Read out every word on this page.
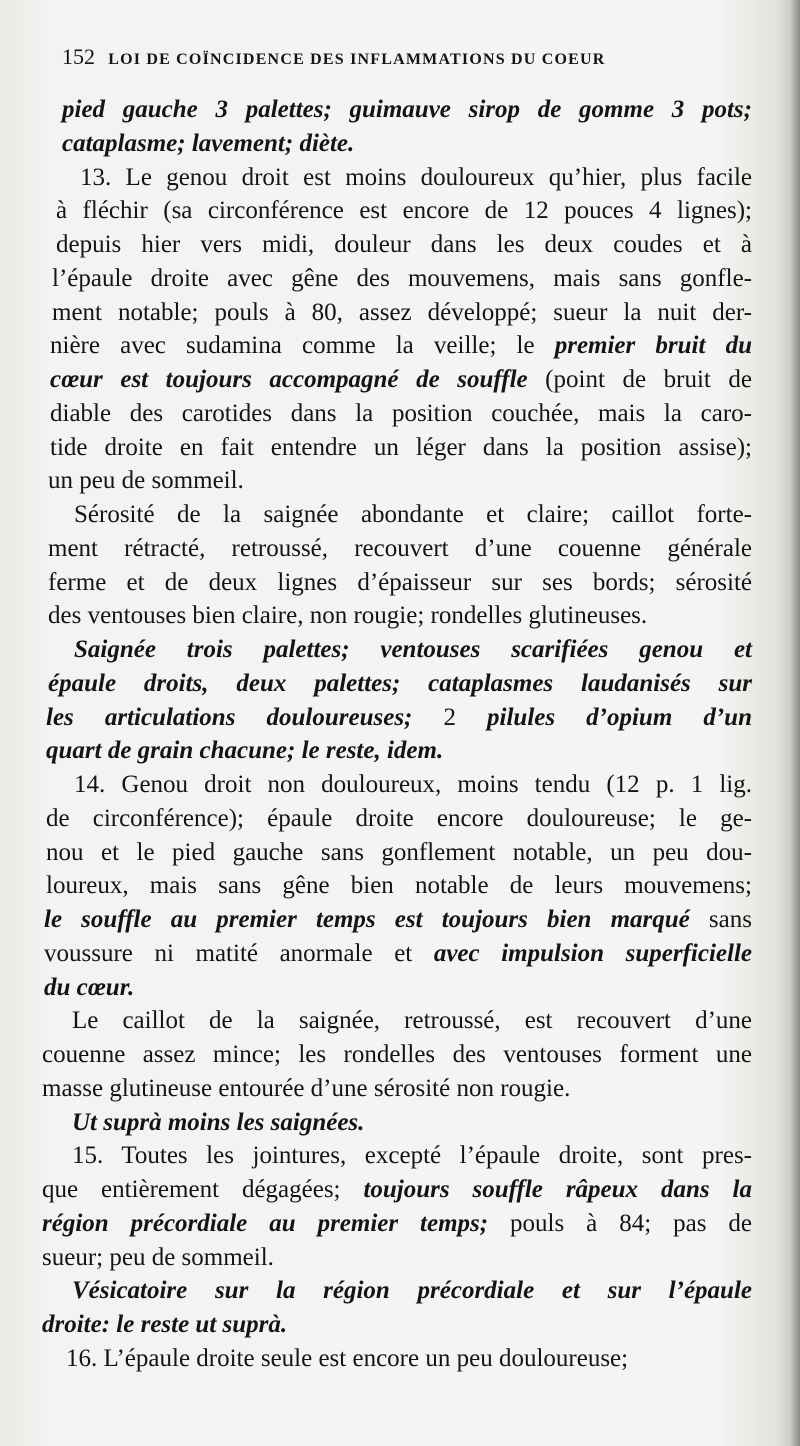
152 LOI DE COÏNCIDENCE DES INFLAMMATIONS DU COEUR
pied gauche 3 palettes; guimauve sirop de gomme 3 pots;
cataplasme; lavement; diète.
13. Le genou droit est moins douloureux qu’hier, plus facile
à fléchir (sa circonférence est encore de 12 pouces 4 lignes);
depuis hier vers midi, douleur dans les deux coudes et à
l’épaule droite avec gêne des mouvemens, mais sans gonfle-
ment notable; pouls à 80, assez développé; sueur la nuit der-
nière avec sudamina comme la veille; le premier bruit du
cœur est toujours accompagné de souffle (point de bruit de
diable des carotides dans la position couchée, mais la caro-
tide droite en fait entendre un léger dans la position assise);
un peu de sommeil.
Sérosité de la saignée abondante et claire; caillot forte-
ment rétracté, retroussé, recouvert d’une couenne générale
ferme et de deux lignes d’épaisseur sur ses bords; sérosité
des ventouses bien claire, non rougie; rondelles glutineuses.
Saignée trois palettes; ventouses scarifiées genou et
épaule droits, deux palettes; cataplasmes laudanisés sur
les articulations douloureuses; 2 pilules d’opium d’un
quart de grain chacune; le reste, idem.
14. Genou droit non douloureux, moins tendu (12 p. 1 lig.
de circonférence); épaule droite encore douloureuse; le ge-
nou et le pied gauche sans gonflement notable, un peu dou-
loureux, mais sans gêne bien notable de leurs mouvemens;
le souffle au premier temps est toujours bien marqué sans
voussure ni matité anormale et avec impulsion superficielle
du cœur.
Le caillot de la saignée, retroussé, est recouvert d’une
couenne assez mince; les rondelles des ventouses forment une
masse glutineuse entourée d’une sérosité non rougie.
Ut suprà moins les saignées.
15. Toutes les jointures, excepté l’épaule droite, sont pres-
que entièrement dégagées; toujours souffle râpeux dans la
région précordiale au premier temps; pouls à 84; pas de
sueur; peu de sommeil.
Vésicatoire sur la région précordiale et sur l’épaule
droite: le reste ut suprà.
16. L’épaule droite seule est encore un peu douloureuse;
